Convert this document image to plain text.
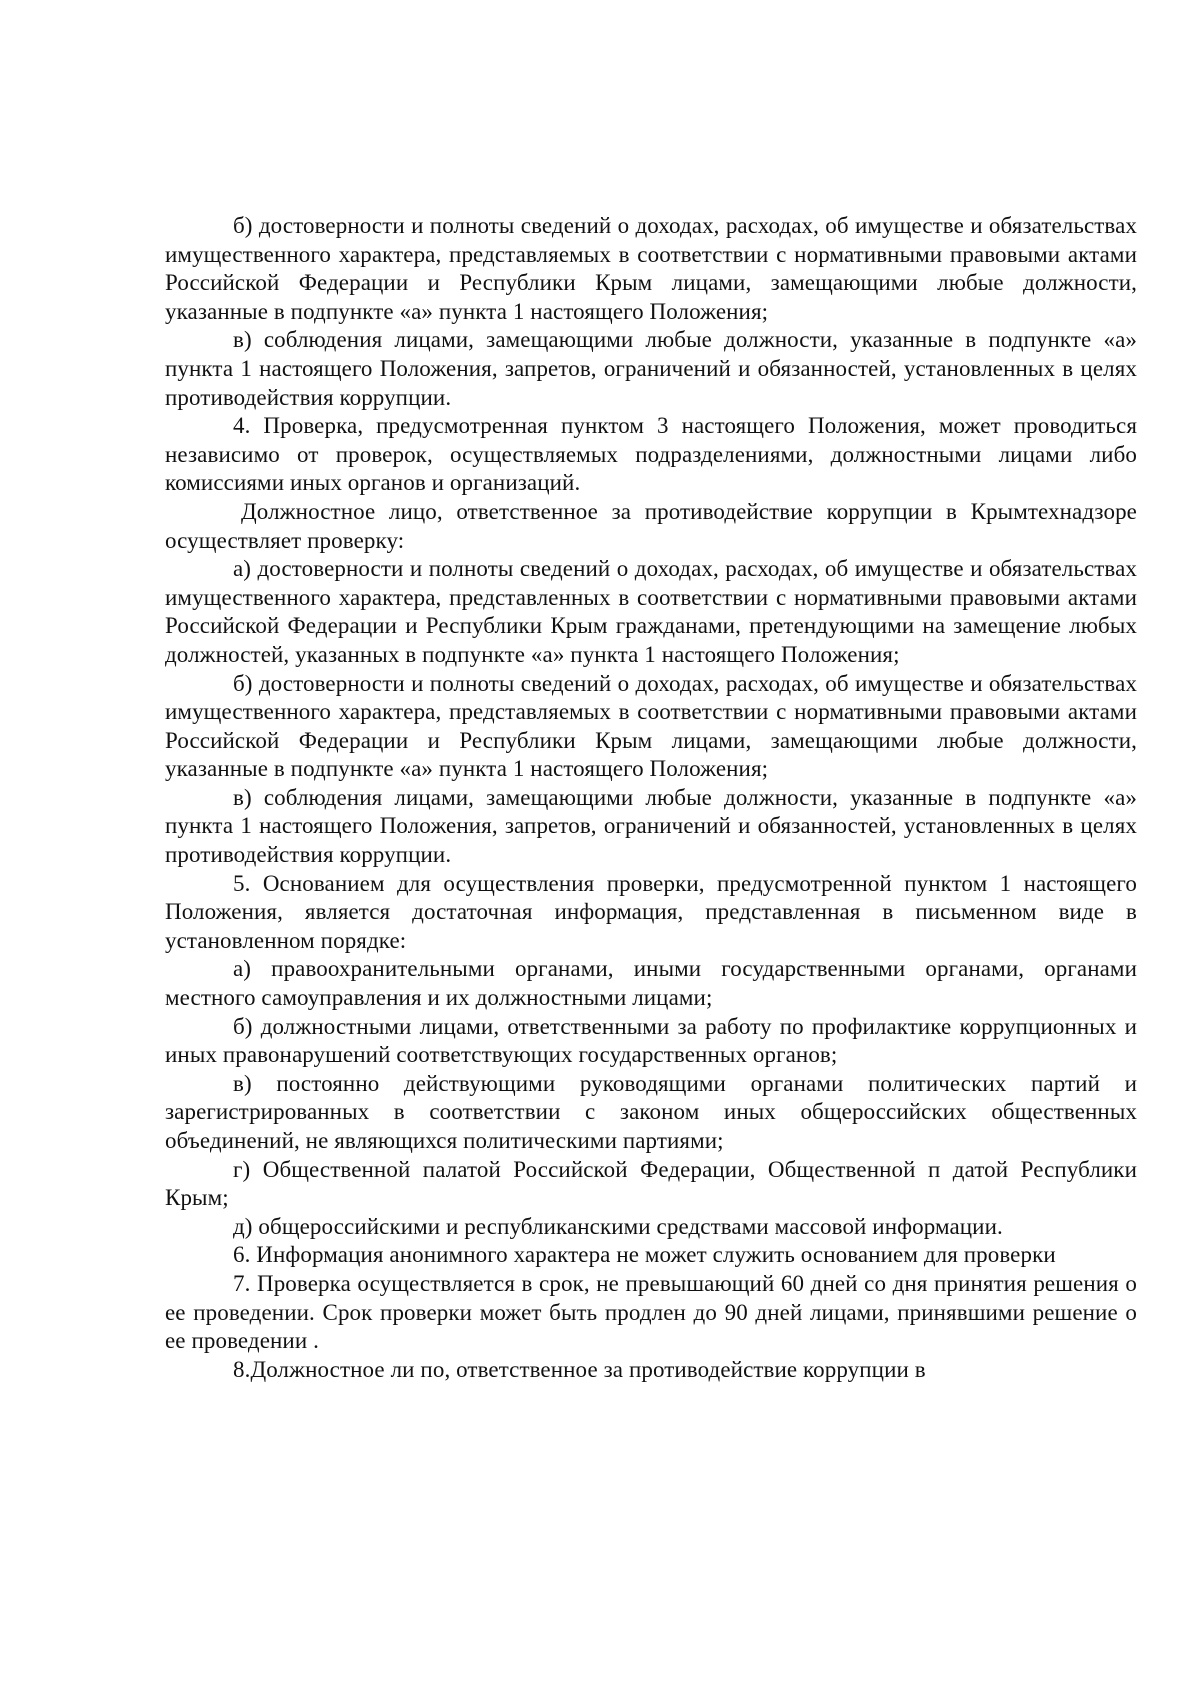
б) достоверности и полноты сведений о доходах, расходах, об имуществе и обязательствах имущественного характера, представляемых в соответствии с нормативными правовыми актами Российской Федерации и Республики Крым лицами, замещающими любые должности, указанные в подпункте «а» пункта 1 настоящего Положения;

в) соблюдения лицами, замещающими любые должности, указанные в подпункте «а» пункта 1 настоящего Положения, запретов, ограничений и обязанностей, установленных в целях противодействия коррупции.

4. Проверка, предусмотренная пунктом 3 настоящего Положения, может проводиться независимо от проверок, осуществляемых подразделениями, должностными лицами либо комиссиями иных органов и организаций.

Должностное лицо, ответственное за противодействие коррупции в Крымтехнадзоре осуществляет проверку:

а) достоверности и полноты сведений о доходах, расходах, об имуществе и обязательствах имущественного характера, представленных в соответствии с нормативными правовыми актами Российской Федерации и Республики Крым гражданами, претендующими на замещение любых должностей, указанных в подпункте «а» пункта 1 настоящего Положения;

б) достоверности и полноты сведений о доходах, расходах, об имуществе и обязательствах имущественного характера, представляемых в соответствии с нормативными правовыми актами Российской Федерации и Республики Крым лицами, замещающими любые должности, указанные в подпункте «а» пункта 1 настоящего Положения;

в) соблюдения лицами, замещающими любые должности, указанные в подпункте «а» пункта 1 настоящего Положения, запретов, ограничений и обязанностей, установленных в целях противодействия коррупции.

5. Основанием для осуществления проверки, предусмотренной пунктом 1 настоящего Положения, является достаточная информация, представленная в письменном виде в установленном порядке:

а) правоохранительными органами, иными государственными органами, органами местного самоуправления и их должностными лицами;

б) должностными лицами, ответственными за работу по профилактике коррупционных и иных правонарушений соответствующих государственных органов;

в) постоянно действующими руководящими органами политических партий и зарегистрированных в соответствии с законом иных общероссийских общественных объединений, не являющихся политическими партиями;

г) Общественной палатой Российской Федерации, Общественной п датой Республики Крым;

д) общероссийскими и республиканскими средствами массовой информации.

6. Информация анонимного характера не может служить основанием для проверки

7. Проверка осуществляется в срок, не превышающий 60 дней со дня принятия решения о ее проведении. Срок проверки может быть продлен до 90 дней лицами, принявшими решение о ее проведении .

8.Должностное ли по, ответственное за противодействие коррупции в
